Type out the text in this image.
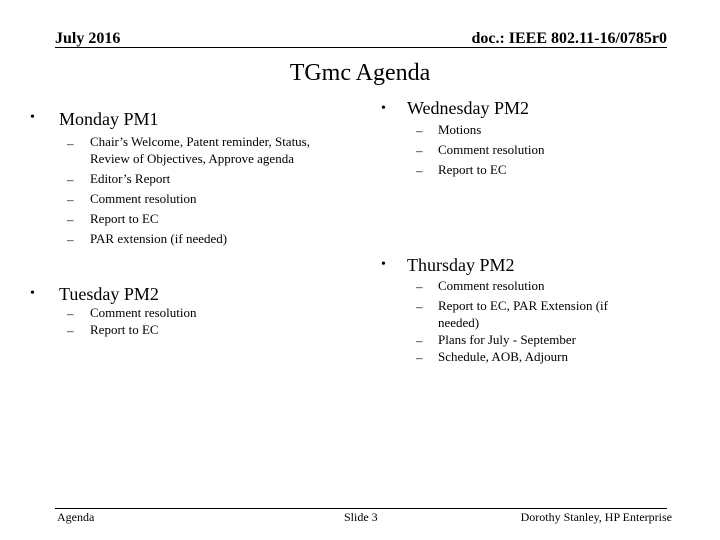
July 2016	doc.: IEEE 802.11-16/0785r0
TGmc Agenda
• Monday PM1
– Chair’s Welcome, Patent reminder, Status,
Review of Objectives, Approve agenda
– Editor’s Report
– Comment resolution
– Report to EC
– PAR extension (if needed)
• Tuesday PM2
– Comment resolution
– Report to EC
• Wednesday PM2
– Motions
– Comment resolution
– Report to EC
• Thursday PM2
– Comment resolution
– Report to EC, PAR Extension (if
needed)
– Plans for July - September
– Schedule, AOB, Adjourn
Agenda	Slide 3	Dorothy Stanley, HP Enterprise
